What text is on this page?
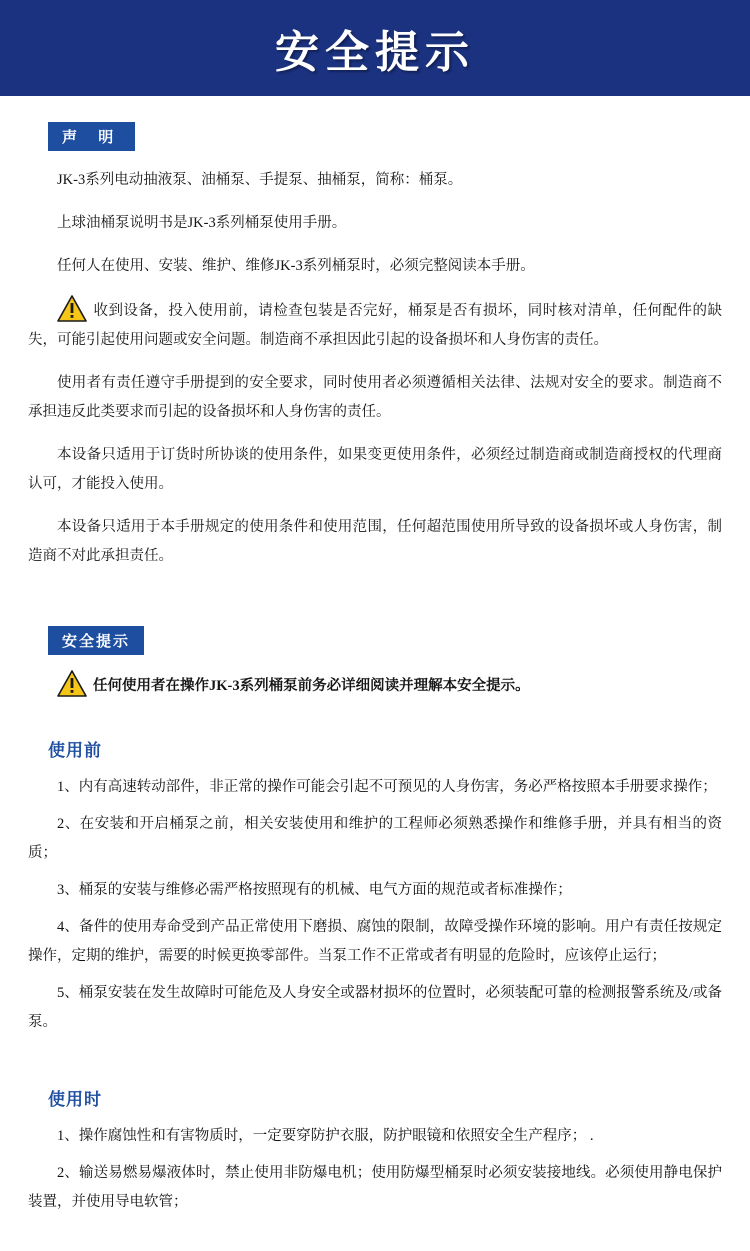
安全提示
声 明

JK-3系列电动抽液泵、油桶泵、手提泵、抽桶泵，简称：桶泵。

上球油桶泵说明书是JK-3系列桶泵使用手册。

任何人在使用、安装、维护、维修JK-3系列桶泵时，必须完整阅读本手册。

收到设备，投入使用前，请检查包装是否完好，桶泵是否有损坏，同时核对清单，任何配件的缺失，可能引起使用问题或安全问题。制造商不承担因此引起的设备损坏和人身伤害的责任。

使用者有责任遵守手册提到的安全要求，同时使用者必须遵循相关法律、法规对安全的要求。制造商不承担违反此类要求而引起的设备损坏和人身伤害的责任。

本设备只适用于订货时所协谈的使用条件，如果变更使用条件，必须经过制造商或制造商授权的代理商认可，才能投入使用。

本设备只适用于本手册规定的使用条件和使用范围，任何超范围使用所导致的设备损坏或人身伤害，制造商不对此承担责任。

安全提示

任何使用者在操作JK-3系列桶泵前务必详细阅读并理解本安全提示。

使用前

1、内有高速转动部件，非正常的操作可能会引起不可预见的人身伤害，务必严格按照本手册要求操作；

2、在安装和开启桶泵之前，相关安装使用和维护的工程师必须熟悉操作和维修手册，并具有相当的资质；

3、桶泵的安装与维修必需严格按照现有的机械、电气方面的规范或者标准操作；

4、备件的使用寿命受到产品正常使用下磨损、腐蚀的限制，故障受操作环境的影响。用户有责任按规定操作，定期的维护，需要的时候更换零部件。当泵工作不正常或者有明显的危险时，应该停止运行；

5、桶泵安装在发生故障时可能危及人身安全或器材损坏的位置时，必须装配可靠的检测报警系统及/或备泵。

使用时

1、操作腐蚀性和有害物质时，一定要穿防护衣服，防护眼镜和依照安全生产程序； .

2、输送易燃易爆液体时，禁止使用非防爆电机；使用防爆型桶泵时必须安装接地线。必须使用静电保护装置，并使用导电软管；
